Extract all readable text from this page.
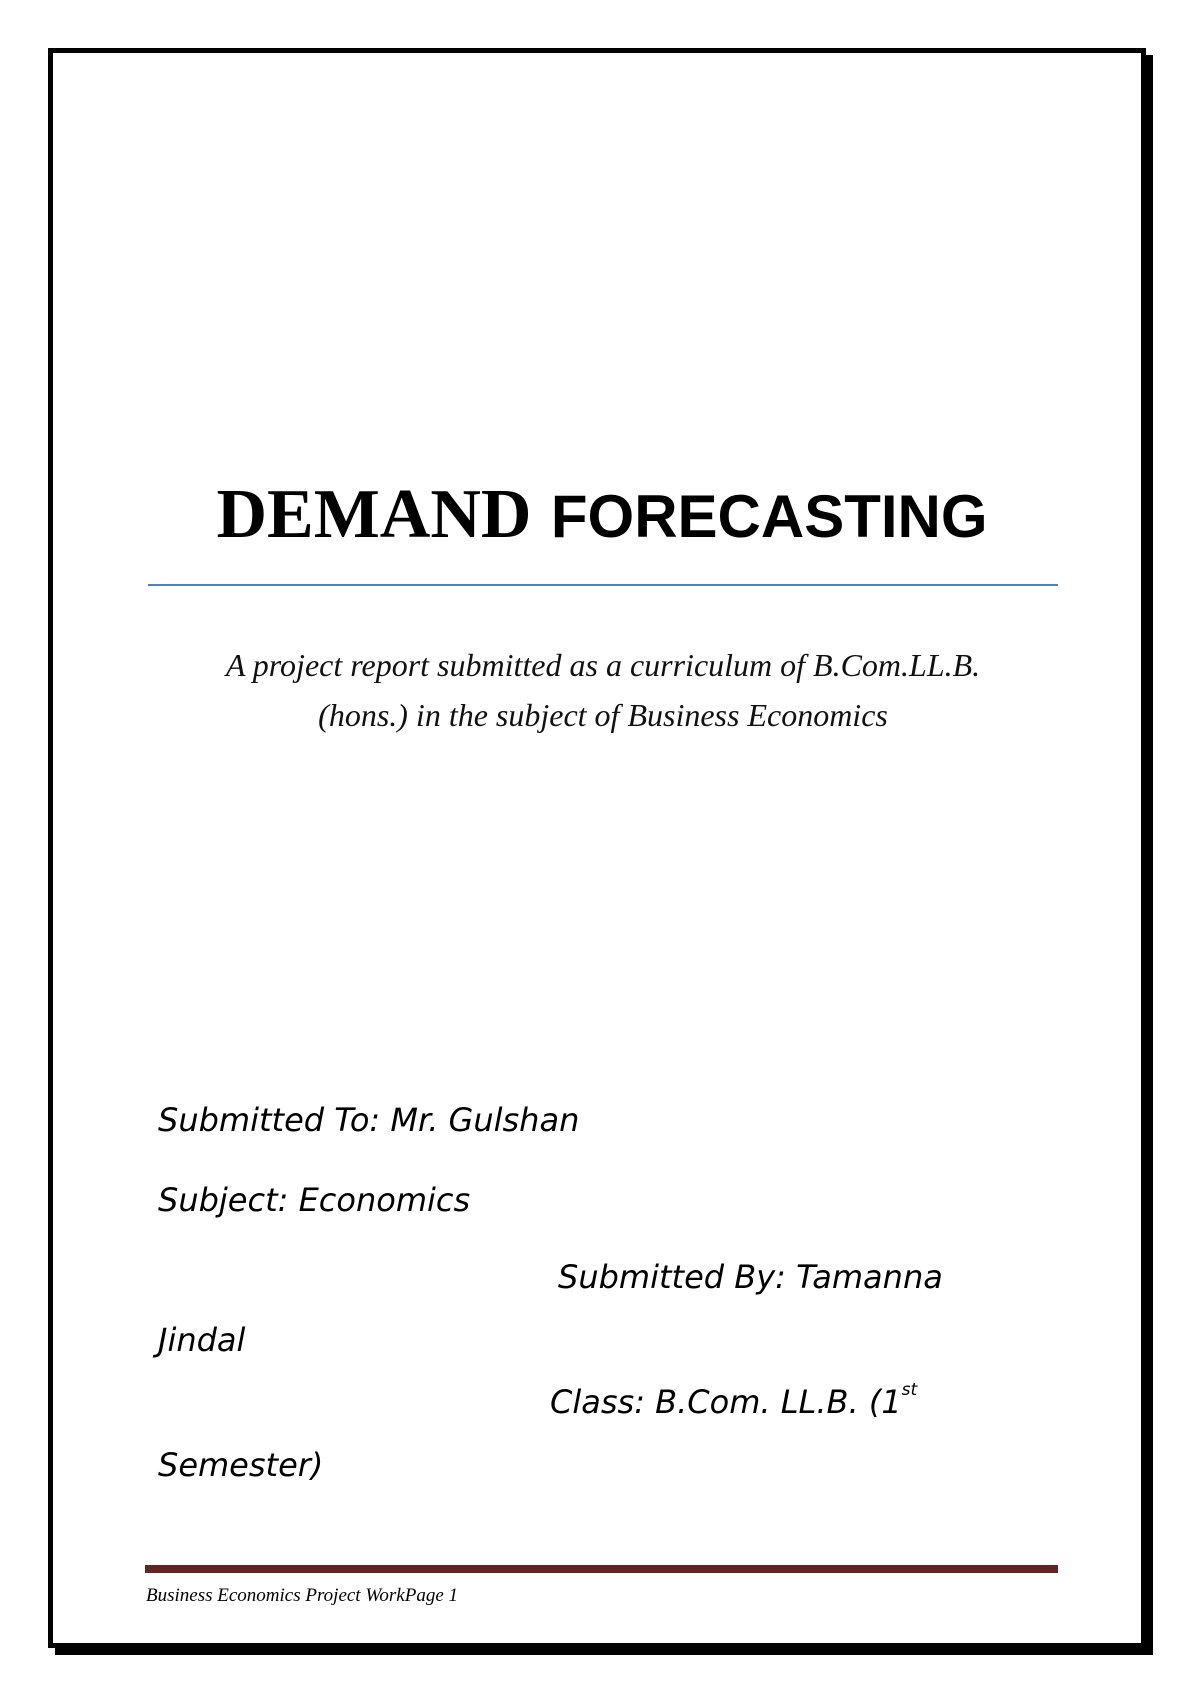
DEMAND FORECASTING
A project report submitted as a curriculum of B.Com.LL.B.
(hons.) in the subject of Business Economics
Submitted To: Mr. Gulshan
Subject: Economics
Submitted By: Tamanna
Jindal
Class: B.Com. LL.B. (1st
Semester)
Business Economics Project WorkPage 1
